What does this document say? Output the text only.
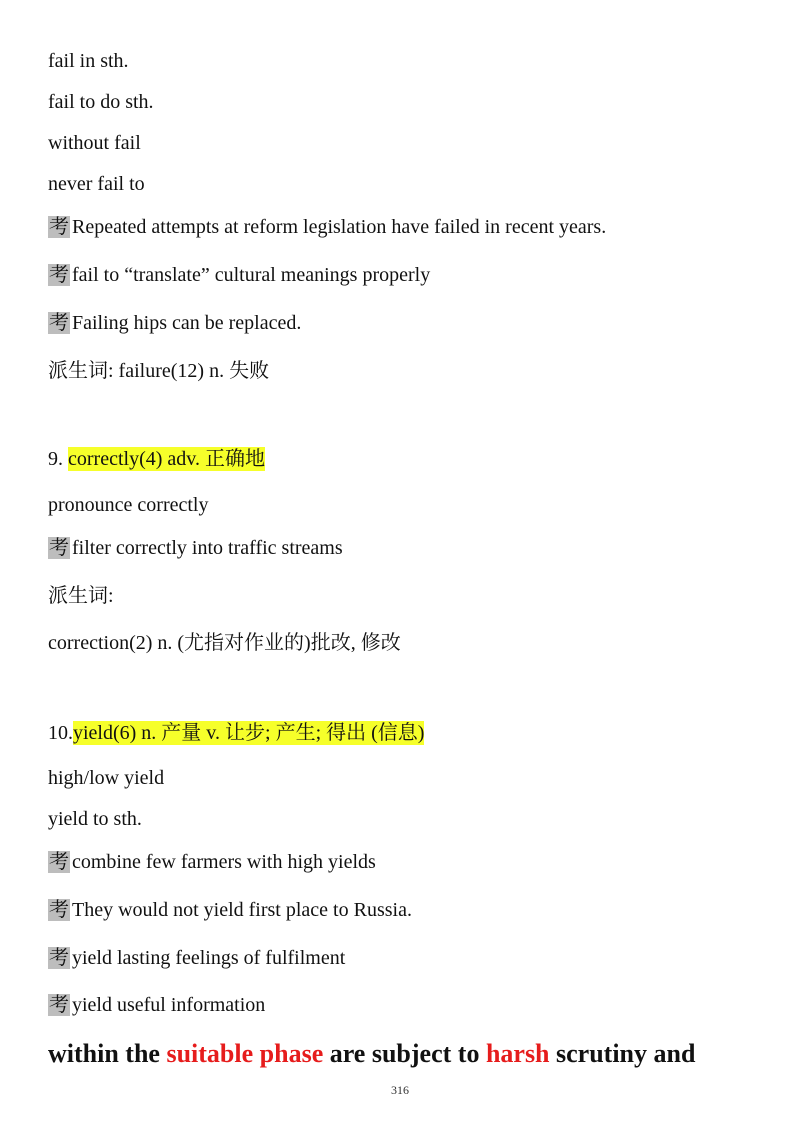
fail in sth.
fail to do sth.
without fail
never fail to
考 Repeated attempts at reform legislation have failed in recent years.
考 fail to “translate” cultural meanings properly
考 Failing hips can be replaced.
派生词: failure(12) n. 失败
9. correctly(4) adv. 正确地
pronounce correctly
考 filter correctly into traffic streams
派生词:
correction(2) n. (尤指对作业的)批改, 修改
10.yield(6) n. 产量 v. 让步; 产生; 得出 (信息)
high/low yield
yield to sth.
考 combine few farmers with high yields
考 They would not yield first place to Russia.
考 yield lasting feelings of fulfilment
考 yield useful information
within the suitable phase are subject to harsh scrutiny and
316
